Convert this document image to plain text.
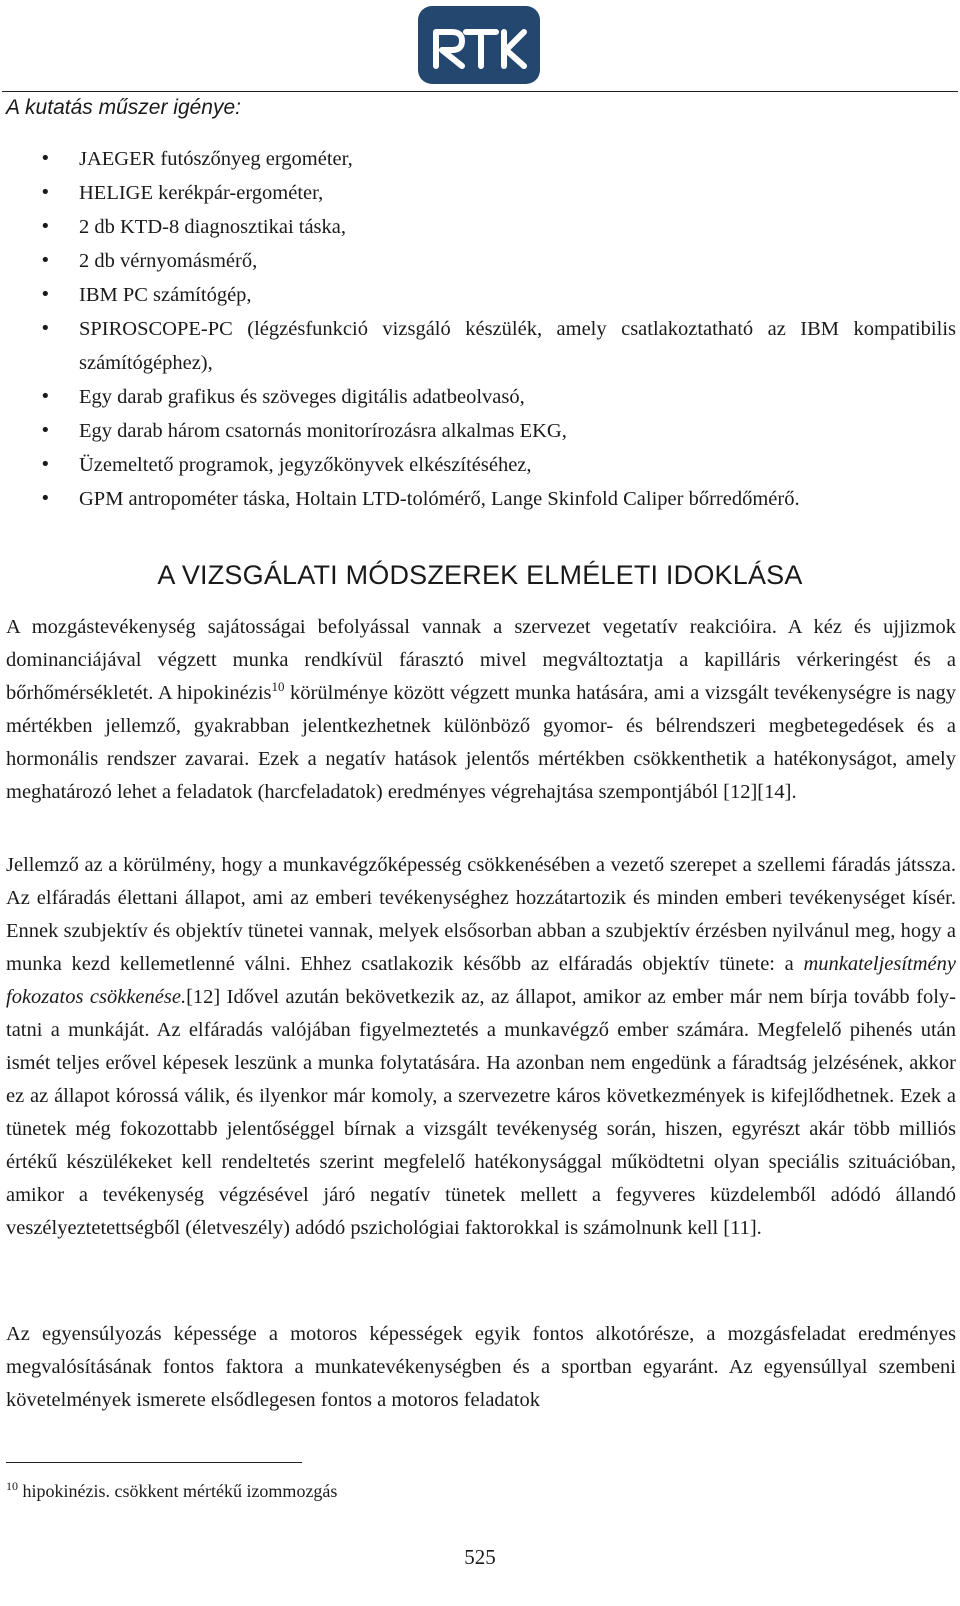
A kutatás műszer igénye:
• JAEGER futószőnyeg ergométer,
• HELIGE kerékpár-ergométer,
• 2 db KTD-8 diagnosztikai táska,
• 2 db vérnyomásmérő,
• IBM PC számítógép,
• SPIROSCOPE-PC (légzésfunkció vizsgáló készülék, amely csatlakoztatható az IBM kompatibilis számítógéphez),
• Egy darab grafikus és szöveges digitális adatbeolvasó,
• Egy darab három csatornás monitorírozásra alkalmas EKG,
• Üzemeltető programok, jegyzőkönyvek elkészítéséhez,
• GPM antropométer táska, Holtain LTD-tolómérő, Lange Skinfold Caliper bőrredőmérő.
A VIZSGÁLATI MÓDSZEREK ELMÉLETI IDOKLÁSA

A mozgástevékenység sajátosságai befolyással vannak a szervezet vegetatív reakcióira. A kéz és ujjizmok dominanciájával végzett munka rendkívül fárasztó mivel megváltoztatja a kapilláris vérkeringést és a bőrhőmérsékletét. A hipokinézis$^{10}$ körülménye között végzett munka hatására, ami a vizsgált tevékenységre is nagy mértékben jellemző, gyakrabban jelentkezhetnek különböző gyomor- és bélrendszeri megbetegedések és a hormonális rendszer zavarai. Ezek a negatív hatások jelentős mértékben csökkenthetik a hatékonyságot, amely meghatározó lehet a feladatok (harcfeladatok) eredményes végrehajtása szempontjából [12][14].

Jellemző az a körülmény, hogy a munkavégzőképesség csökkenésében a vezető szerepet a szellemi fáradás játssza. Az elfáradás élettani állapot, ami az emberi tevékenységhez hozzátartozik és minden emberi tevékenységet kísér. Ennek szubjektív és objektív tünetei vannak, melyek elsősorban abban a szubjektív érzésben nyilvánul meg, hogy a munka kezd kellemetlenné válni. Ehhez csatlakozik később az elfáradás objektív tünete: a munkateljesítmény fokozatos csökkenése.[12] Idővel azután bekövetkezik az, az állapot, amikor az ember már nem bírja tovább folytatni a munkáját. Az elfáradás valójában figyelmeztetés a munkavégző ember számára. Megfelelő pihenés után ismét teljes erővel képesek leszünk a munka folytatására. Ha azonban nem engedünk a fáradtság jelzésének, akkor ez az állapot kórossá válik, és ilyenkor már komoly, a szervezetre káros következmények is kifejlődhetnek. Ezek a tünetek még fokozottabb jelentőséggel bírnak a vizsgált tevékenység során, hiszen, egyrészt akár több milliós értékű készülékeket kell rendeltetés szerint megfelelő hatékonysággal működtetni olyan speciális szituációban, amikor a tevékenység végzésével járó negatív tünetek mellett a fegyveres küzdelemből adódó állandó veszélyeztetettségből (életveszély) adódó pszichológiai faktorokkal is számolnunk kell [11].

Az egyensúlyozás képessége a motoros képességek egyik fontos alkotórésze, a mozgásfeladat eredményes megvalósításának fontos faktora a munkatevékenységben és a sportban egyaránt. Az egyensúllyal szembeni követelmények ismerete elsődlegesen fontos a motoros feladatok

$^{10}$ hipokinézis. csökkent mértékű izommozgás

525
